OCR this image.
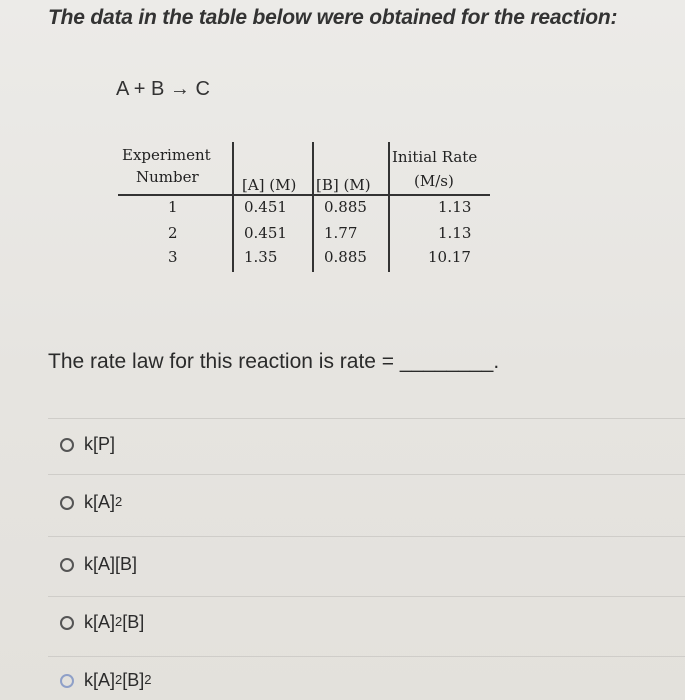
The data in the table below were obtained for the reaction:
A + B → C
Experiment
Number	[A] (M) [B] (M)
Initial Rate
(M/s)
1	0.451 0.885	1.13
2	0.451 1.77	1.13
3	1.35	0.885	10.17
The rate law for this reaction is rate = ________.
k[P]
$k[A]^2$
k[A][B]
$k[A]^2$ [B]
$k[A]^2$ $[B]^2$
